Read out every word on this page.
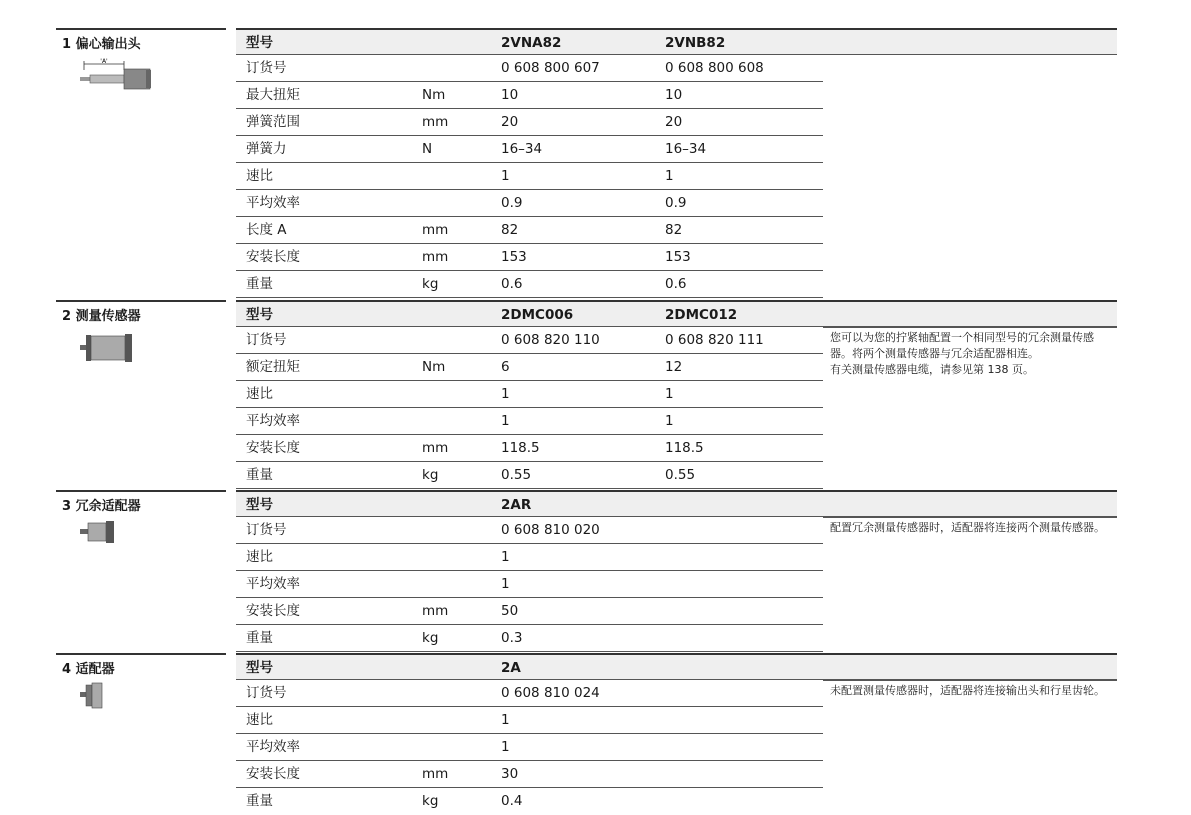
1 偏心输出头
'A'
型号	2VNA82	2VNB82
订货号	0 608 800 607	0 608 800 608
最大扭矩	Nm	10	10
弹簧范围	mm	20	20
弹簧力	N	16–34	16–34
速比	1	1
平均效率	0.9	0.9
长度 A	mm	82	82
安装长度	mm	153	153
重量	kg	0.6	0.6
2 测量传感器	型号	2DMC006	2DMC012
订货号	0 608 820 110	0 608 820 111
额定扭矩	Nm	6	12
速比	1	1
平均效率	1	1
安装长度	mm	118.5	118.5
重量	kg	0.55	0.55

您可以为您的拧紧轴配置一个相同型号的冗余测量传感器。将两个测量传感器与冗余适配器相连。

有关测量传感器电缆，请参见第 138 页。

3 冗余适配器	型号	2AR
订货号	0 608 810 020
速比	1
平均效率	1
安装长度	mm	50
重量	kg	0.3

配置冗余测量传感器时，适配器将连接两个测量传感器。

4 适配器	型号	2A
订货号	0 608 810 024
速比	1
平均效率	1
安装长度	mm	30
重量	kg	0.4

未配置测量传感器时，适配器将连接输出头和行星齿轮。
